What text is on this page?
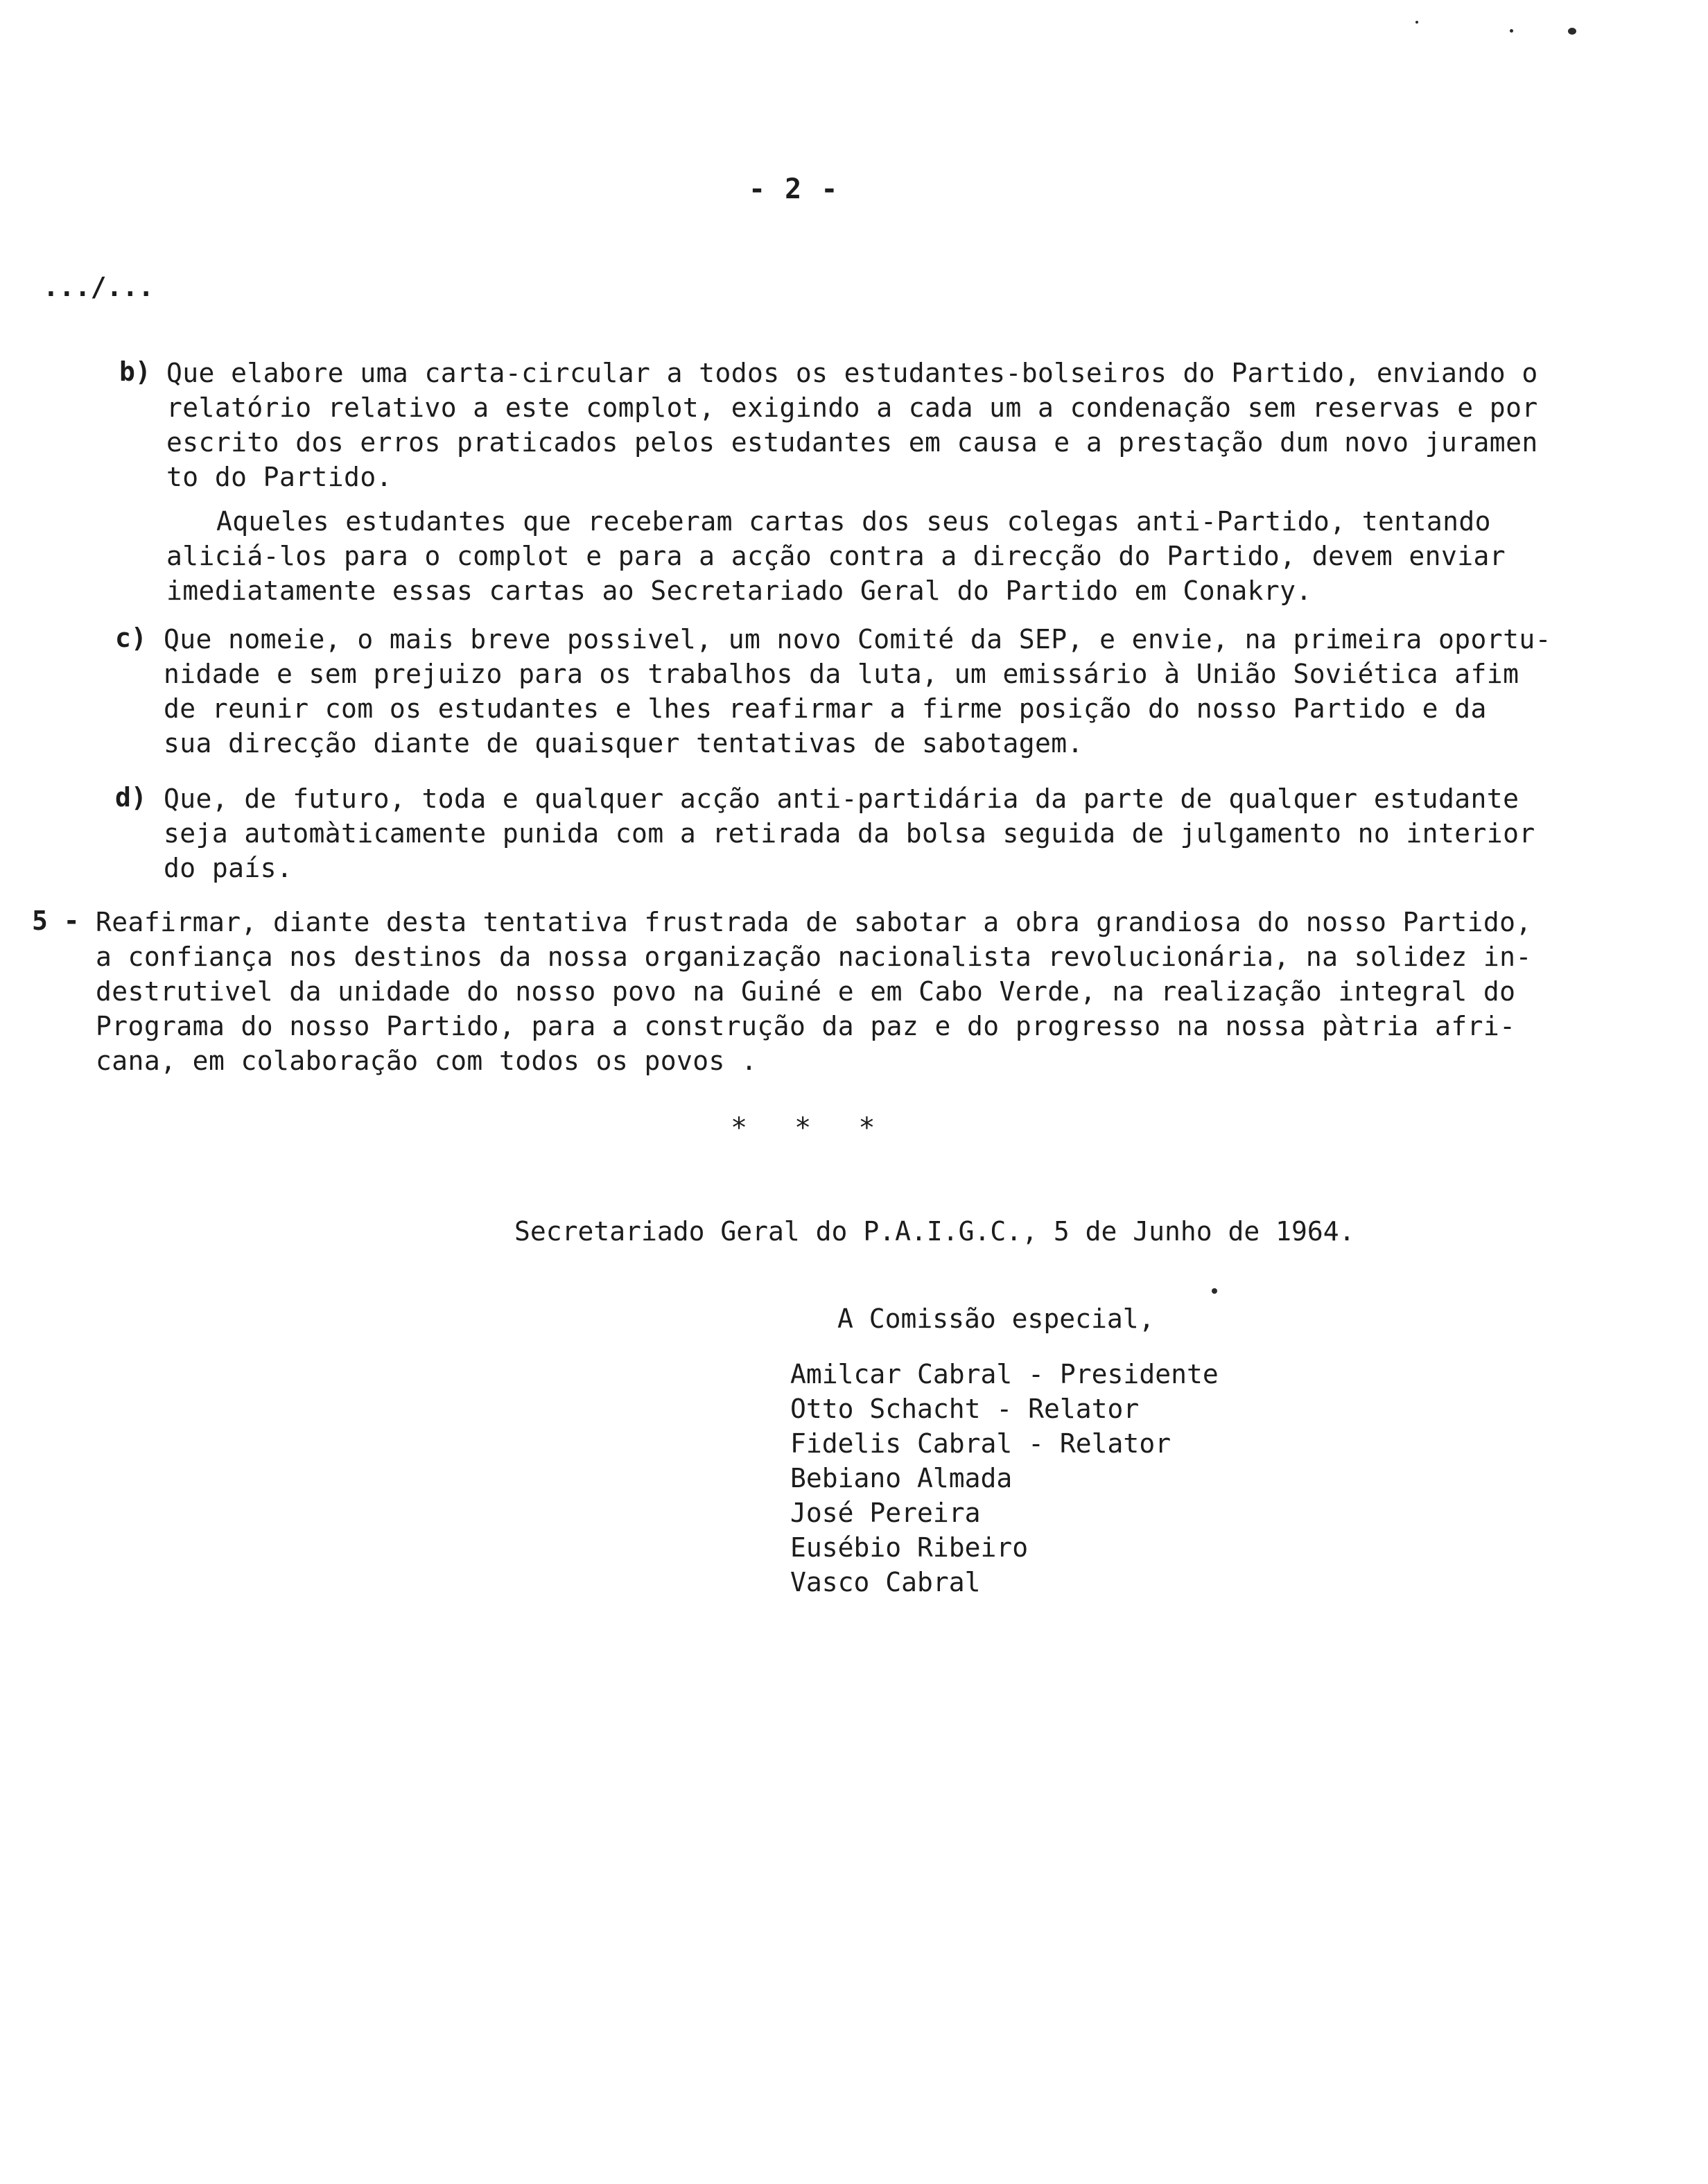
- 2 -
.../...
b) Que elabore uma carta-circular a todos os estudantes-bolseiros do Partido, enviando o
relatório relativo a este complot, exigindo a cada um a condenação sem reservas e por
escrito dos erros praticados pelos estudantes em causa e a prestação dum novo juramen
to do Partido.
Aqueles estudantes que receberam cartas dos seus colegas anti-Partido, tentando
aliciá-los para o complot e para a acção contra a direcção do Partido, devem enviar
imediatamente essas cartas ao Secretariado Geral do Partido em Conakry.
c) Que nomeie, o mais breve possivel, um novo Comité da SEP, e envie, na primeira oportu-
nidade e sem prejuizo para os trabalhos da luta, um emissário à União Soviética afim
de reunir com os estudantes e lhes reafirmar a firme posição do nosso Partido e da
sua direcção diante de quaisquer tentativas de sabotagem.
d) Que, de futuro, toda e qualquer acção anti-partidária da parte de qualquer estudante
seja automàticamente punida com a retirada da bolsa seguida de julgamento no interior
do país.
5 - Reafirmar, diante desta tentativa frustrada de sabotar a obra grandiosa do nosso Partido,
a confiança nos destinos da nossa organização nacionalista revolucionária, na solidez in-
destrutivel da unidade do nosso povo na Guiné e em Cabo Verde, na realização integral do
Programa do nosso Partido, para a construção da paz e do progresso na nossa pàtria afri-
cana, em colaboração com todos os povos .
* * *
Secretariado Geral do P.A.I.G.C., 5 de Junho de 1964.
A Comissão especial,
Amilcar Cabral - Presidente
Otto Schacht - Relator
Fidelis Cabral - Relator
Bebiano Almada
José Pereira
Eusébio Ribeiro
Vasco Cabral
